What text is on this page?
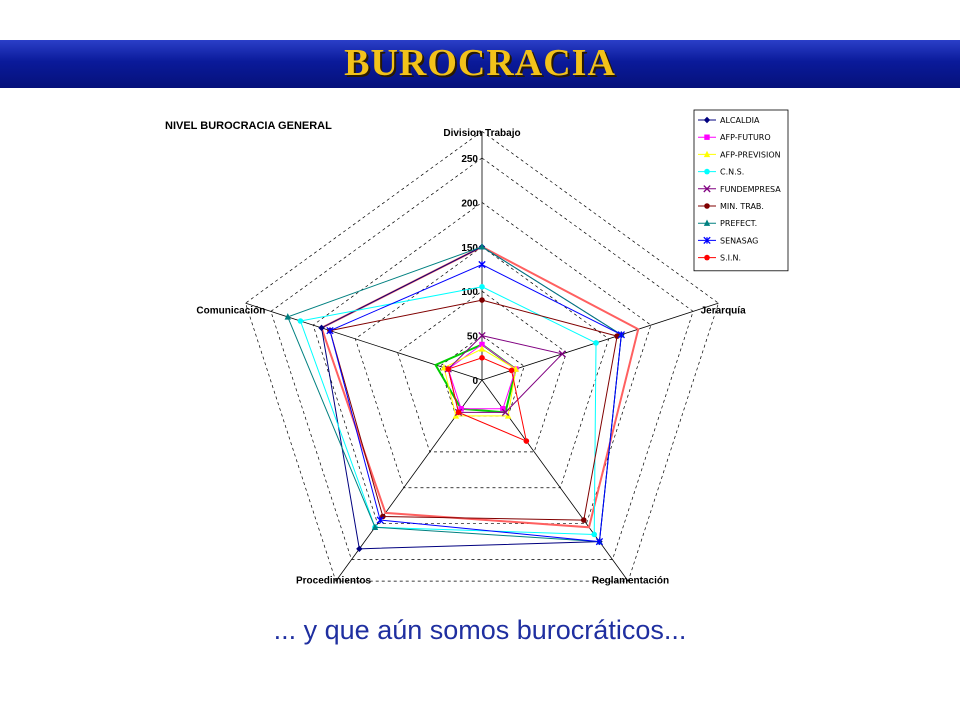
BUROCRACIA
NIVEL BUROCRACIA GENERAL
0
50
100
150
200
250
Division Trabajo
Jerarquía
Reglamentación
Procedimientos
Comunicación
ALCALDIA
AFP-FUTURO
AFP-PREVISION
C.N.S.
FUNDEMPRESA
MIN. TRAB.
PREFECT.
SENASAG
S.I.N.
... y que aún somos burocráticos...
